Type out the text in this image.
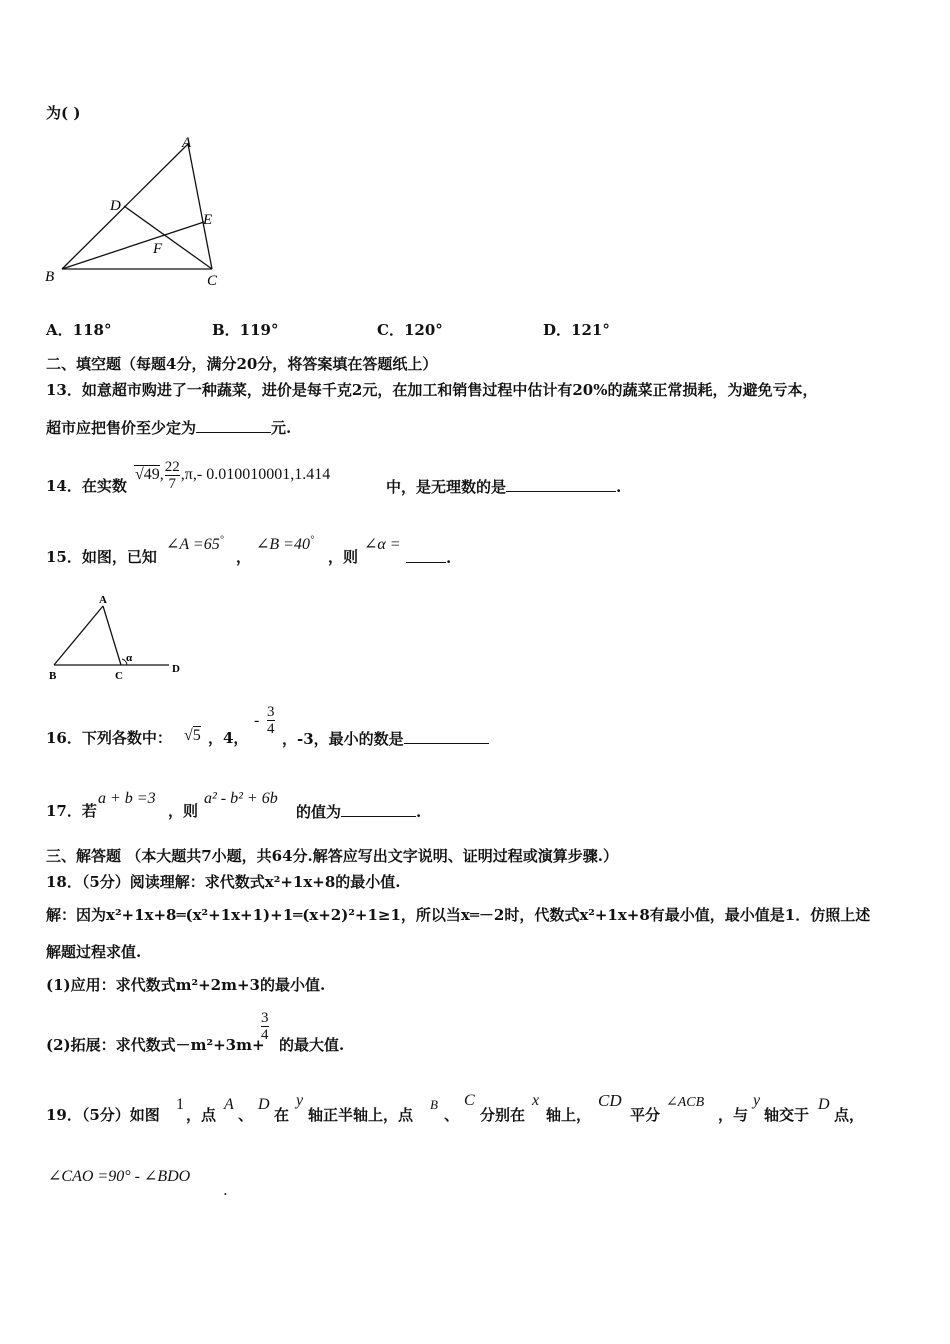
为( )
A
D
E
F
B	C
A．118°	B．119°	C．120°	D．121°
二、填空题（每题4分，满分20分，将答案填在答题纸上）
13．如意超市购进了一种蔬菜，进价是每千克2元，在加工和销售过程中估计有20%的蔬菜正常损耗，为避免亏本，
超市应把售价至少定为	元.
14．在实数
√49, $\frac{22}{7} ,\pi,-$ 0.010010001,1.414
中，是无理数的是	.
15．如图，已知
∠A =65°
，
∠B =40°
，则
∠α =
.
A
B	C
D
α
16．下列各数中： √5 ，4，
- 3
4
，-3，最小的数是
17．若
a + b =3
，则
a² - b² + 6b
的值为	.
三、解答题 （本大题共7小题，共64分.解答应写出文字说明、证明过程或演算步骤.）
18．（5分）阅读理解：求代数式x²+1x+8的最小值.
解：因为x²+1x+8═(x²+1x+1)+1═(x+2)²+1≥1，所以当x═－2时，代数式x²+1x+8有最小值，最小值是1．仿照上述
解题过程求值.
(1)应用：求代数式m²+2m+3的最小值.
(2)拓展：求代数式－m²+3m+
3
4
的最大值.
19．（5分）如图
1
，点
A
、
D
在
y
轴正半轴上，点
B
、
C
分别在
x
轴上，
CD
平分
∠ACB
，与
y
轴交于
D
点，
∠CAO =90° - ∠BDO
.
